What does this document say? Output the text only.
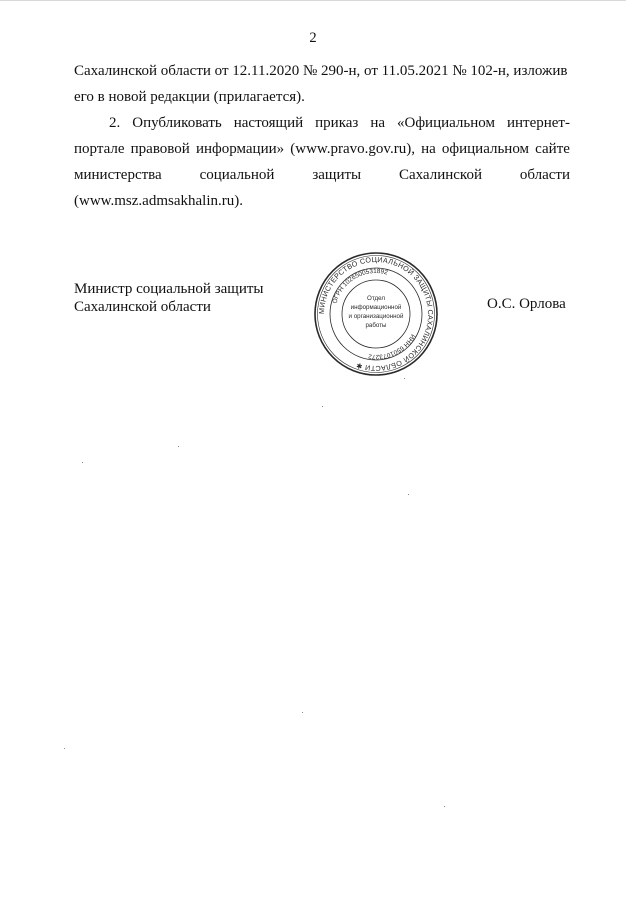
2
Сахалинской области от 12.11.2020 № 290-н, от 11.05.2021 № 102-н, изложив
его в новой редакции (прилагается).
2. Опубликовать настоящий приказ на «Официальном интернет-
портале правовой информации» (www.pravo.gov.ru), на официальном сайте
министерства	социальной	защиты	Сахалинской	области
(www.msz.admsakhalin.ru).
Министр социальной защиты
Сахалинской области	О.С. Орлова
МИНИСТЕРСТВО СОЦИАЛЬНОЙ ЗАЩИТЫ САХАЛИНСКОЙ ОБЛАСТИ ✱
ОГРН 1026500531892
ИНН 6501073272
Отдел
информационной
и организационной
работы
